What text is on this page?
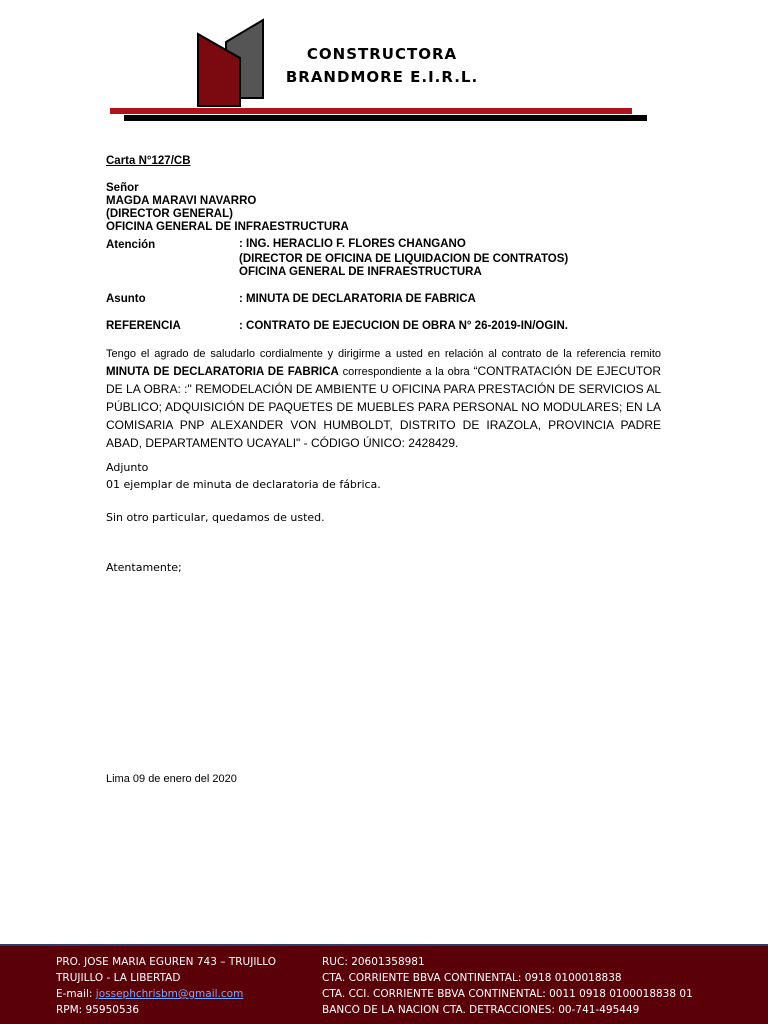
CONSTRUCTORA
BRANDMORE E.I.R.L.
Carta N°127/CB
Señor
MAGDA MARAVI NAVARRO
(DIRECTOR GENERAL)
OFICINA GENERAL DE INFRAESTRUCTURA
Atención	: ING. HERACLIO F. FLORES CHANGANO
(DIRECTOR DE OFICINA DE LIQUIDACION DE CONTRATOS)
OFICINA GENERAL DE INFRAESTRUCTURA
Asunto	: MINUTA DE DECLARATORIA DE FABRICA
REFERENCIA	: CONTRATO DE EJECUCION DE OBRA N° 26-2019-IN/OGIN.
Tengo el agrado de saludarlo cordialmente y dirigirme a usted en relación al contrato de la referencia remito MINUTA DE DECLARATORIA DE FABRICA correspondiente a la obra “CONTRATACIÓN DE EJECUTOR DE LA OBRA: :" REMODELACIÓN DE AMBIENTE U OFICINA PARA PRESTACIÓN DE SERVICIOS AL PÚBLICO; ADQUISICIÓN DE PAQUETES DE MUEBLES PARA PERSONAL NO MODULARES; EN LA COMISARIA PNP ALEXANDER VON HUMBOLDT, DISTRITO DE IRAZOLA, PROVINCIA PADRE ABAD, DEPARTAMENTO UCAYALI" - CÓDIGO ÚNICO: 2428429.
Adjunto
01 ejemplar de minuta de declaratoria de fábrica.
Sin otro particular, quedamos de usted.
Atentamente;
Lima 09 de enero del 2020
PRO. JOSE MARIA EGUREN 743 – TRUJILLO
TRUJILLO - LA LIBERTAD
E-mail: jossephchrisbm@gmail.com
RPM: 95950536
RUC: 20601358981
CTA. CORRIENTE BBVA CONTINENTAL: 0918 0100018838
CTA. CCI. CORRIENTE BBVA CONTINENTAL: 0011 0918 0100018838 01
BANCO DE LA NACION CTA. DETRACCIONES: 00-741-495449
